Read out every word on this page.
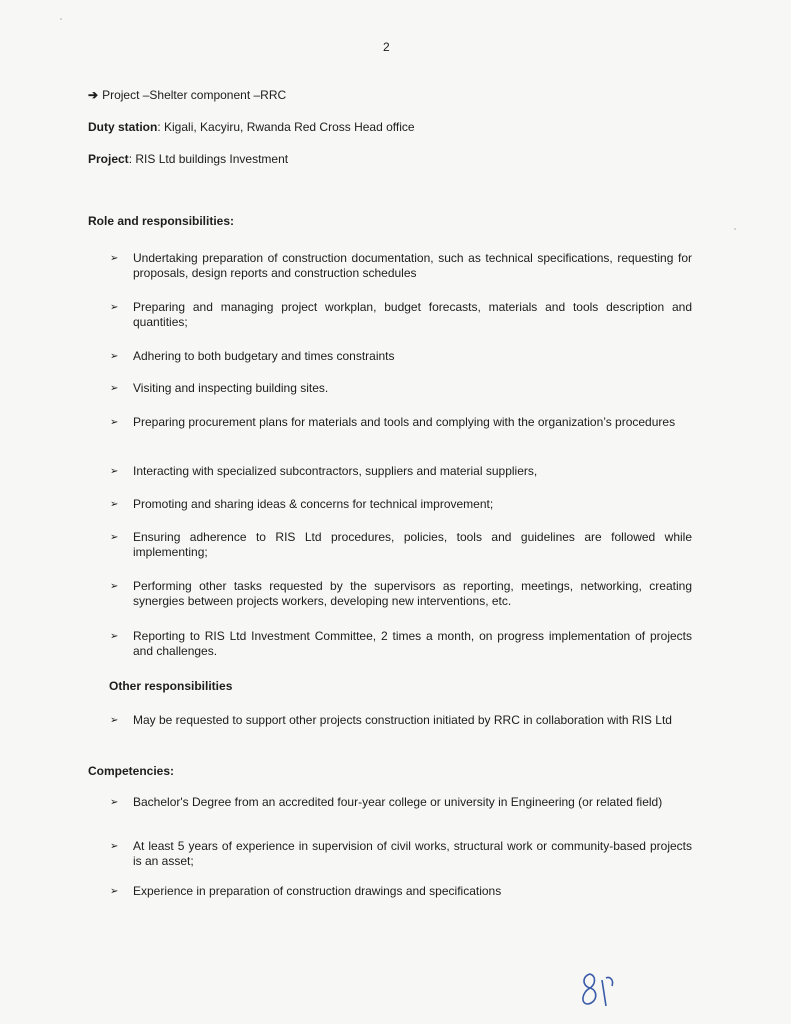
2
➔ Project –Shelter component –RRC
Duty station: Kigali, Kacyiru, Rwanda Red Cross Head office
Project: RIS Ltd buildings Investment
Role and responsibilities:
➢ Undertaking preparation of construction documentation, such as technical specifications, requesting for proposals, design reports and construction schedules
➢ Preparing and managing project workplan, budget forecasts, materials and tools description and quantities;
➢ Adhering to both budgetary and times constraints
➢ Visiting and inspecting building sites.
➢ Preparing procurement plans for materials and tools and complying with the organization’s procedures
➢ Interacting with specialized subcontractors, suppliers and material suppliers,
➢ Promoting and sharing ideas & concerns for technical improvement;
➢ Ensuring adherence to RIS Ltd procedures, policies, tools and guidelines are followed while implementing;
➢ Performing other tasks requested by the supervisors as reporting, meetings, networking, creating synergies between projects workers, developing new interventions, etc.
➢ Reporting to RIS Ltd Investment Committee, 2 times a month, on progress implementation of projects and challenges.
Other responsibilities
➢ May be requested to support other projects construction initiated by RRC in collaboration with RIS Ltd
Competencies:
➢ Bachelor's Degree from an accredited four-year college or university in Engineering (or related field)
➢ At least 5 years of experience in supervision of civil works, structural work or community-based projects is an asset;
➢ Experience in preparation of construction drawings and specifications
